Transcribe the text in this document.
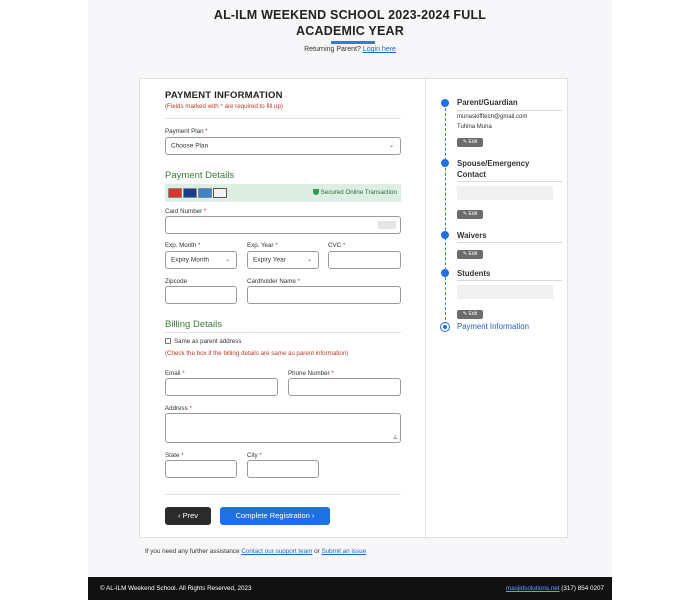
AL-ILM WEEKEND SCHOOL 2023-2024 FULL
ACADEMIC YEAR
Returning Parent? Login here
PAYMENT INFORMATION
(Fields marked with * are required to fill up)
Payment Plan *
Choose Plan	⌄
Payment Details
Secured Online Transaction
Card Number *
Exp. Month *
Expiry Month	⌄
Exp. Year *
Expiry Year	⌄
CVC *
Zipcode	Cardholder Name *
Billing Details
Same as parent address
(Check the box if the billing details are same as parent information)
Email *	Phone Number *
Address *
∡
State *	City *
‹ Prev	Complete Registration ›
Parent/Guardian
munaskifftech@gmail.com
Tuhina Muna
✎ Edit
Spouse/Emergency
Contact
✎ Edit
Waivers
✎ Edit
Students
✎ Edit
Payment Information
If you need any further assistance Contact our support team or Submit an issue
© AL-ILM Weekend School. All Rights Reserved, 2023	masjidsolutions.net (317) 854 0207
